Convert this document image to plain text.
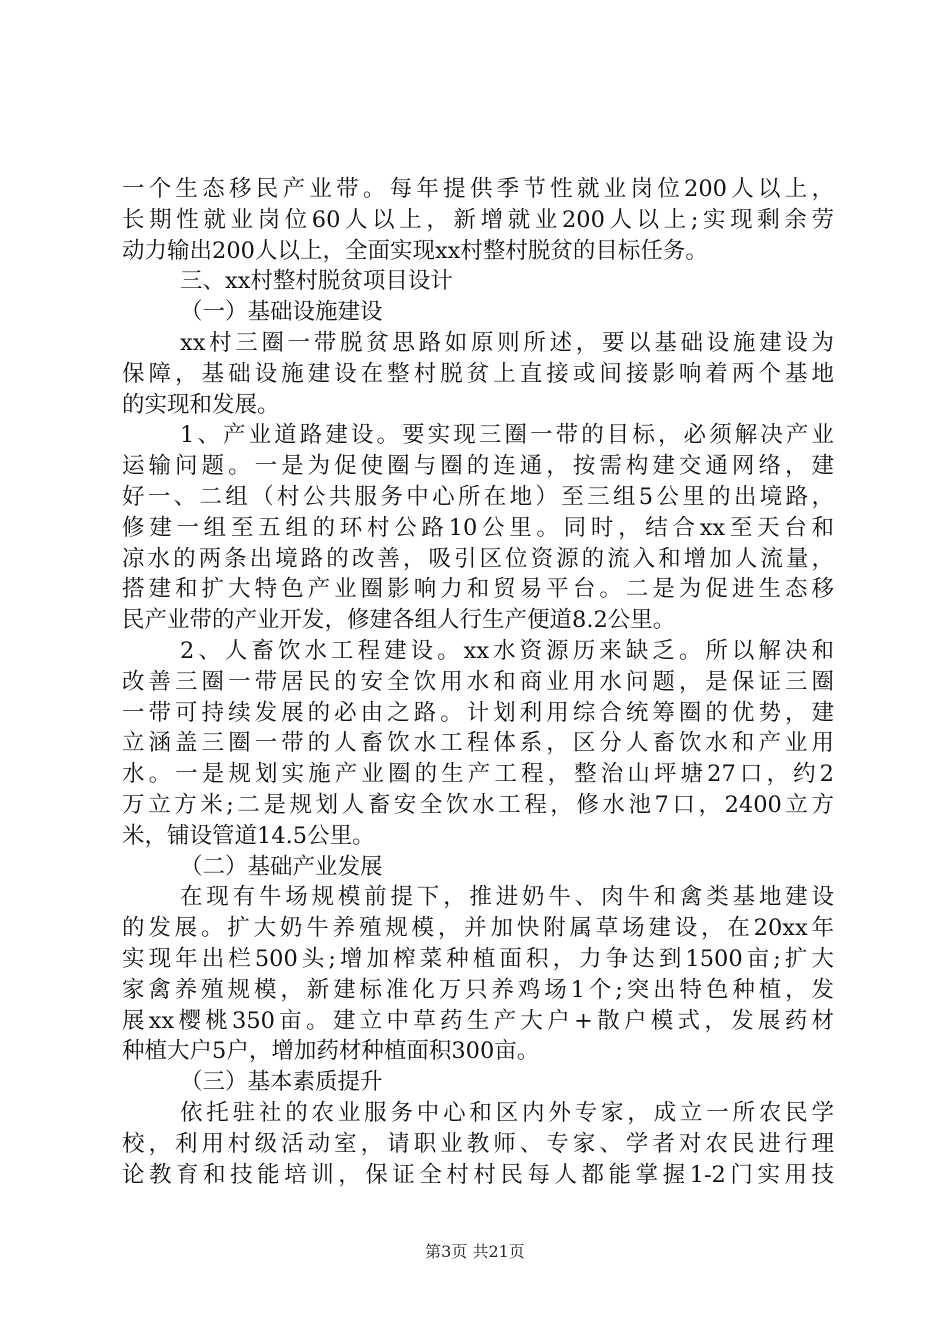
一个生态移民产业带。每年提供季节性就业岗位200人以上，
长期性就业岗位60人以上，新增就业200人以上;实现剩余劳
动力输出200人以上，全面实现xx村整村脱贫的目标任务。
三、xx村整村脱贫项目设计
（一）基础设施建设
xx村三圈一带脱贫思路如原则所述，要以基础设施建设为
保障，基础设施建设在整村脱贫上直接或间接影响着两个基地
的实现和发展。
1、产业道路建设。要实现三圈一带的目标，必须解决产业
运输问题。一是为促使圈与圈的连通，按需构建交通网络，建
好一、二组（村公共服务中心所在地）至三组5公里的出境路，
修建一组至五组的环村公路10公里。同时，结合xx至天台和
凉水的两条出境路的改善，吸引区位资源的流入和增加人流量，
搭建和扩大特色产业圈影响力和贸易平台。二是为促进生态移
民产业带的产业开发，修建各组人行生产便道8.2公里。
2、人畜饮水工程建设。xx水资源历来缺乏。所以解决和
改善三圈一带居民的安全饮用水和商业用水问题，是保证三圈
一带可持续发展的必由之路。计划利用综合统筹圈的优势，建
立涵盖三圈一带的人畜饮水工程体系，区分人畜饮水和产业用
水。一是规划实施产业圈的生产工程，整治山坪塘27口，约2
万立方米;二是规划人畜安全饮水工程，修水池7口，2400立方
米，铺设管道14.5公里。
（二）基础产业发展
在现有牛场规模前提下，推进奶牛、肉牛和禽类基地建设
的发展。扩大奶牛养殖规模，并加快附属草场建设，在20xx年
实现年出栏500头;增加榨菜种植面积，力争达到1500亩;扩大
家禽养殖规模，新建标准化万只养鸡场1个;突出特色种植，发
展xx樱桃350亩。建立中草药生产大户+散户模式，发展药材
种植大户5户，增加药材种植面积300亩。
（三）基本素质提升
依托驻社的农业服务中心和区内外专家，成立一所农民学
校，利用村级活动室，请职业教师、专家、学者对农民进行理
论教育和技能培训，保证全村村民每人都能掌握1-2门实用技
第3页 共21页
